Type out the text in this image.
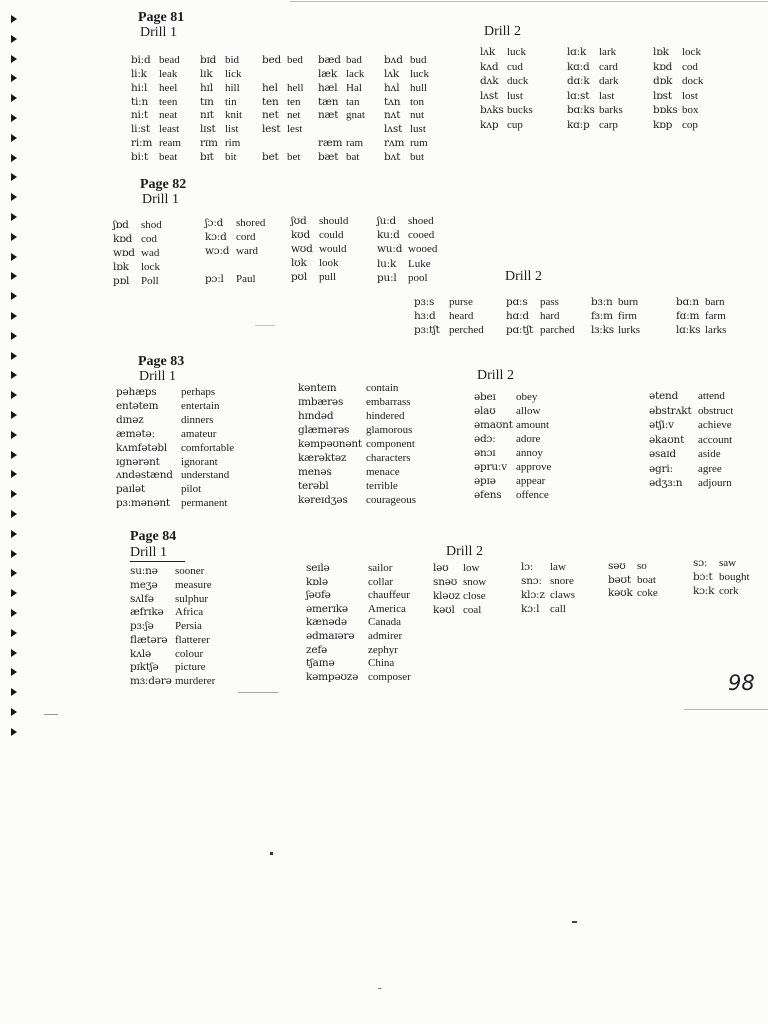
Page 81
Drill 1
biːd bead
liːk leak
hiːl heel
tiːn teen
niːt neat
liːst least
riːm ream
biːt beat
bɪd bid
lɪk lick
hɪl hill
tɪn tin
nɪt knit
lɪst list
rɪm rim
bɪt bit
bed bed
hel hell
ten ten
net net
lest lest
bet bet
bæd bad
læk lack
hæl Hal
tæn tan
næt gnat
ræm ram
bæt bat
bʌd bud
lʌk luck
hʌl hull
tʌn ton
nʌt nut
lʌst lust
rʌm rum
bʌt but
Drill 2
lʌk luck
kʌd cud
dʌk duck
lʌst lust
bʌks bucks
kʌp cup
lɑːk lark
kɑːd card
dɑːk dark
lɑːst last
bɑːks barks
kɑːp carp
lɒk lock
kɒd cod
dɒk dock
lɒst lost
bɒks box
kɒp cop
Page 82
Drill 1
ʃɒd shod
kɒd cod
wɒd wad
lɒk lock
pɒl Poll
ʃɔːd shored
kɔːd cord
wɔːd ward
pɔːl Paul
ʃʊd should
kʊd could
wʊd would
lʊk look
pʊl pull
ʃuːd shoed
kuːd cooed
wuːd wooed
luːk Luke
puːl pool	Drill 2
pɜːs purse
hɜːd heard
pɜːtʃt perched
pɑːs pass
hɑːd hard
pɑːtʃt parched
bɜːn burn
fɜːm firm
lɜːks lurks
bɑːn barn
fɑːm farm
lɑːks larks
Page 83
Drill 1
pəhæps perhaps
entəteɪn entertain
dɪnəz	dinners
æmətəː amateur
kʌmfətəbl comfortable
ɪgnərənt ignorant
ʌndəstænd understand
paɪlət	pilot
pɜːmənənt permanent
kənteɪn	contain
ɪmbærəs embarrass
hɪndəd	hindered
glæmərəs glamorous
kəmpəʊnənt component
kærəktəz characters
menəs	menace
terəbl	terrible
kəreɪdʒəs courageous
Drill 2
əbeɪ obey
əlaʊ allow
əmaʊnt amount
ədɔː adore
ənɔɪ annoy
əpruːv approve
əpɪə appear
əfens offence
ətend attend
əbstrʌkt obstruct
ətʃiːv achieve
əkaʊnt account
əsaɪd aside
əgriː agree
ədʒɜːn adjourn
Page 84
Drill 1
suːnə sooner
meʒə measure
sʌlfə sulphur
æfrɪkə Africa
pɜːʃə Persia
flætərə flatterer
kʌlə colour
pɪktʃə picture
mɜːdərə murderer
seɪlə	sailor
kɒlə	collar
ʃəʊfə	chauffeur
əmerɪkə America
kænədə Canada
ədmaɪərə admirer
zefə	zephyr
tʃaɪnə	China
kəmpəʊzə composer
Drill 2
ləʊ low
snəʊ snow
kləʊz close
kəʊl coal
lɔː law
snɔː snore
klɔːz claws
kɔːl call
səʊ so
bəʊt boat
kəʊk coke
sɔː saw
bɔːt bought
kɔːk cork
98
